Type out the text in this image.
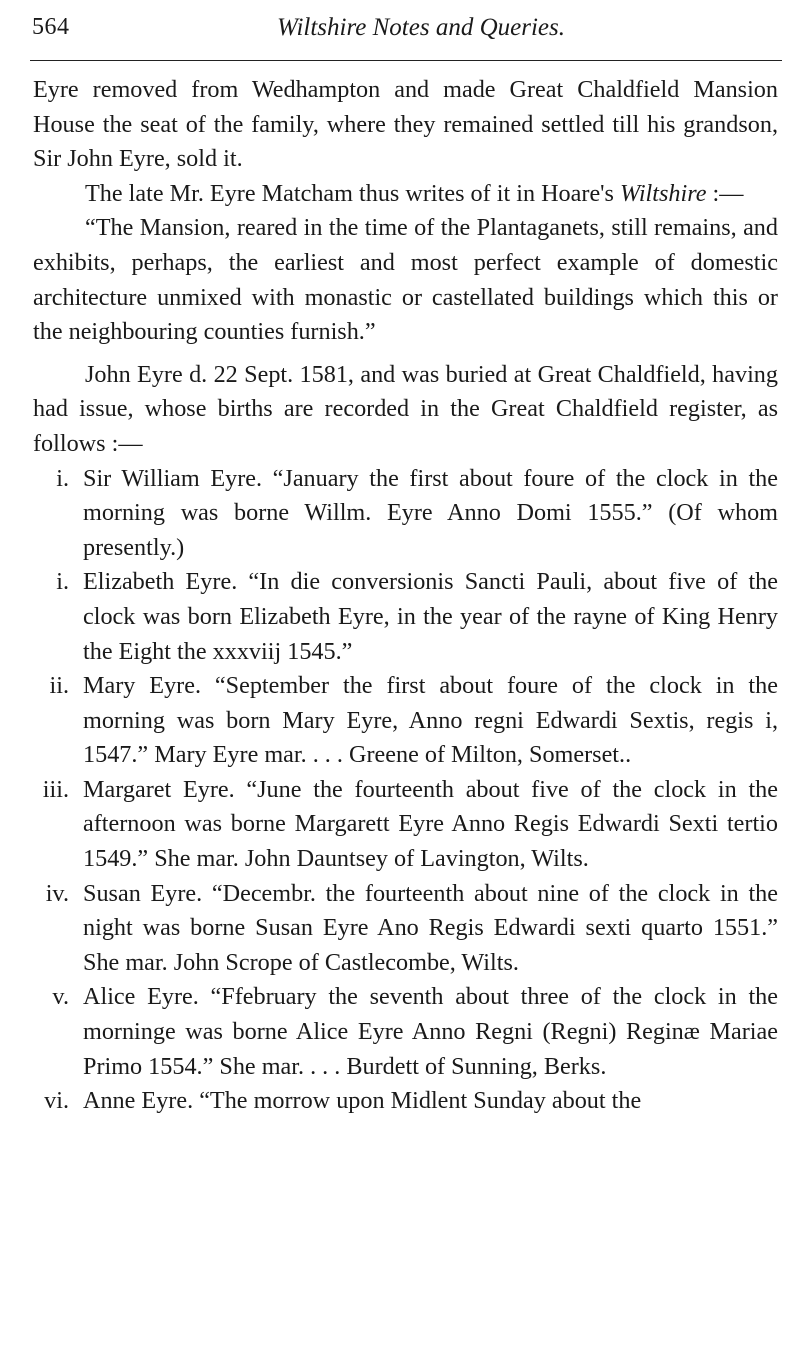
564	Wiltshire Notes and Queries.

Eyre removed from Wedhampton and made Great Chaldfield Mansion House the seat of the family, where they remained settled till his grandson, Sir John Eyre, sold it.

The late Mr. Eyre Matcham thus writes of it in Hoare's Wiltshire :—

“The Mansion, reared in the time of the Plantaganets, still remains, and exhibits, perhaps, the earliest and most perfect example of domestic architecture unmixed with monastic or castellated buildings which this or the neighbouring counties furnish.”

John Eyre d. 22 Sept. 1581, and was buried at Great Chaldfield, having had issue, whose births are recorded in the Great Chaldfield register, as follows :—

i. Sir William Eyre. “January the first about foure of the clock in the morning was borne Willm. Eyre Anno Domi 1555.” (Of whom presently.)
i. Elizabeth Eyre. “In die conversionis Sancti Pauli, about five of the clock was born Elizabeth Eyre, in the year of the rayne of King Henry the Eight the xxxviij 1545.”
ii. Mary Eyre. “September the first about foure of the clock in the morning was born Mary Eyre, Anno regni Edwardi Sextis, regis i, 1547.” Mary Eyre mar. . . . Greene of Milton, Somerset..
iii. Margaret Eyre. “June the fourteenth about five of the clock in the afternoon was borne Margarett Eyre Anno Regis Edwardi Sexti tertio 1549.” She mar. John Dauntsey of Lavington, Wilts.
iv. Susan Eyre. “Decembr. the fourteenth about nine of the clock in the night was borne Susan Eyre Ano Regis Edwardi sexti quarto 1551.” She mar. John Scrope of Castlecombe, Wilts.
v. Alice Eyre. “Ffebruary the seventh about three of the clock in the morninge was borne Alice Eyre Anno Regni (Regni) Reginæ Mariae Primo 1554.” She mar. . . . Burdett of Sunning, Berks.
vi. Anne Eyre. “The morrow upon Midlent Sunday about the
